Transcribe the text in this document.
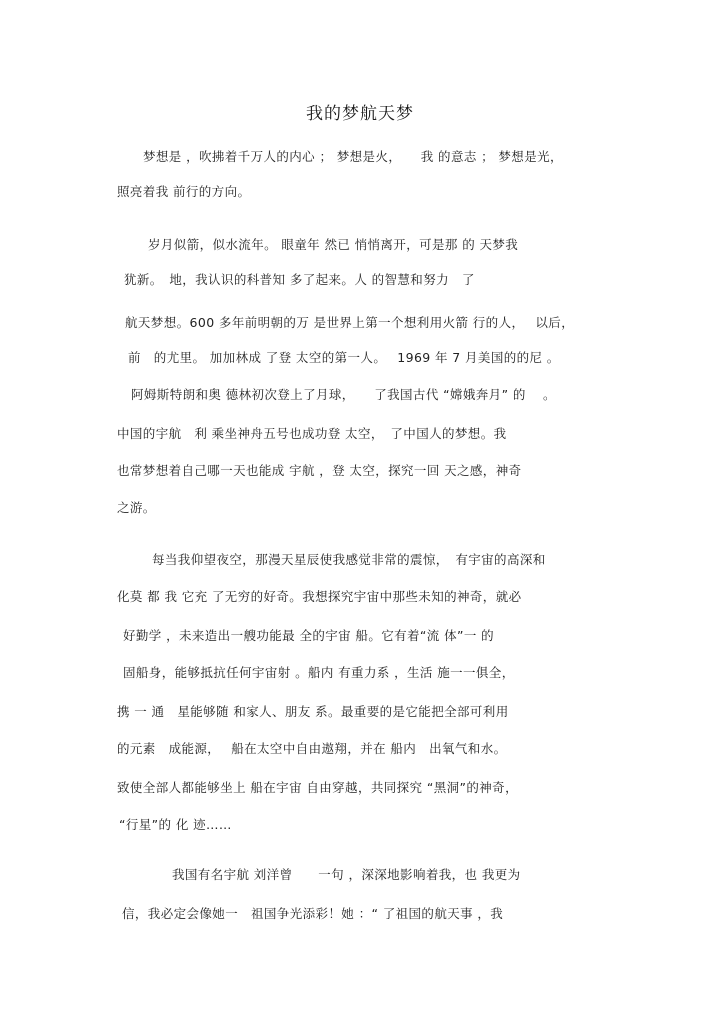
我的梦航天梦
梦想是 ，吹拂着千万人的内心 ； 梦想是火，　　我 的意志 ； 梦想是光，
照亮着我 前行的方向。
岁月似箭，似水流年。 眼童年 然已 悄悄离开，可是那 的 天梦我
犹新。　地，我认识的科普知 多了起来。人 的智慧和努力　了
航天梦想。600 多年前明朝的万 是世界上第一个想利用火箭 行的人，　 以后，
前　的尤里。 加加林成 了登 太空的第一人。　 1969 年 7 月美国的的尼 。
阿姆斯特朗和奥 德林初次登上了月球，　　了我国古代 “嫦娥奔月” 的　 。
中国的宇航　利 乘坐神舟五号也成功登 太空，　了中国人的梦想。我
也常梦想着自己哪一天也能成 宇航 ，登 太空，探究一回 天之感，神奇
之游。
每当我仰望夜空，那漫天星辰使我感觉非常的震惊，　有宇宙的高深和
化莫 都 我 它充 了无穷的好奇。我想探究宇宙中那些未知的神奇，就必
好勤学 ，未来造出一艘功能最 全的宇宙 船。它有着“流 体”一 的
固船身，能够抵抗任何宇宙射 。船内 有重力系 ，生活 施一一俱全，
携 一 通　星能够随 和家人、朋友 系。最重要的是它能把全部可利用
的元素　成能源，　 船在太空中自由遨翔，并在 船内　出氧气和水。
致使全部人都能够坐上 船在宇宙 自由穿越，共同探究 “黑洞”的神奇，
“行星”的 化 迹……
我国有名宇航 刘洋曾　　一句 ，深深地影响着我，也 我更为
信，我必定会像她一　祖国争光添彩！她 ：“ 了祖国的航天事 ，我
